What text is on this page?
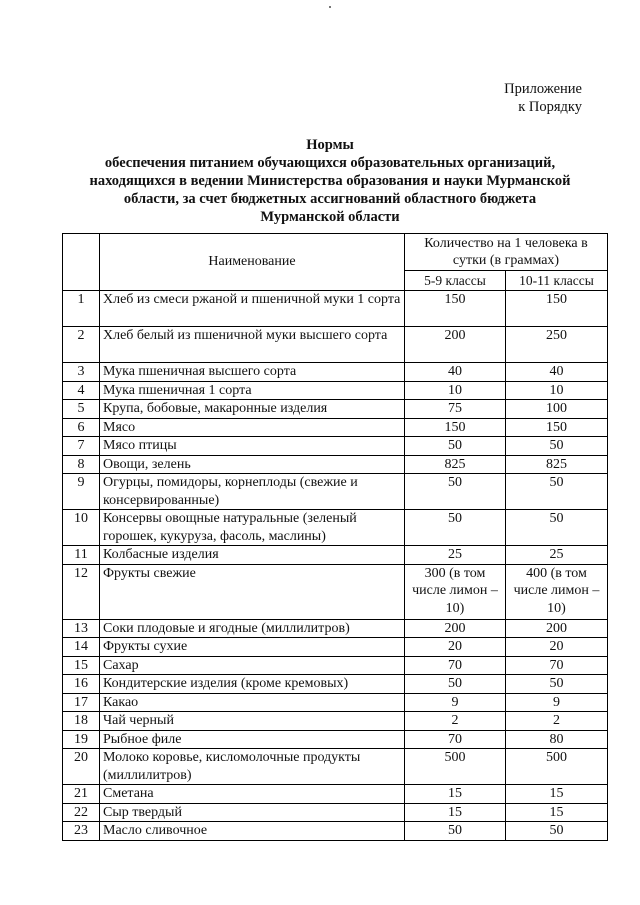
Приложение
к Порядку
Нормы
обеспечения питанием обучающихся образовательных организаций,
находящихся в ведении Министерства образования и науки Мурманской
области, за счет бюджетных ассигнований областного бюджета
Мурманской области
	Наименование	Количество на 1 человека в сутки (в граммах)	
		5-9 классы	10-11 классы
1	Хлеб из смеси ржаной и пшеничной муки 1 сорта	150	150
2	Хлеб белый из пшеничной муки высшего сорта	200	250
3	Мука пшеничная высшего сорта	40	40
4	Мука пшеничная 1 сорта	10	10
5	Крупа, бобовые, макаронные изделия	75	100
6	Мясо	150	150
7	Мясо птицы	50	50
8	Овощи, зелень	825	825
9	Огурцы, помидоры, корнеплоды (свежие и консервированные)	50	50
10	Консервы овощные натуральные (зеленый горошек, кукуруза, фасоль, маслины)	50	50
11	Колбасные изделия	25	25
12	Фрукты свежие	300 (в том числе лимон – 10)	400 (в том числе лимон – 10)
13	Соки плодовые и ягодные (миллилитров)	200	200
14	Фрукты сухие	20	20
15	Сахар	70	70
16	Кондитерские изделия (кроме кремовых)	50	50
17	Какао	9	9
18	Чай черный	2	2
19	Рыбное филе	70	80
20	Молоко коровье, кисломолочные продукты (миллилитров)	500	500
21	Сметана	15	15
22	Сыр твердый	15	15
23	Масло сливочное	50	50
